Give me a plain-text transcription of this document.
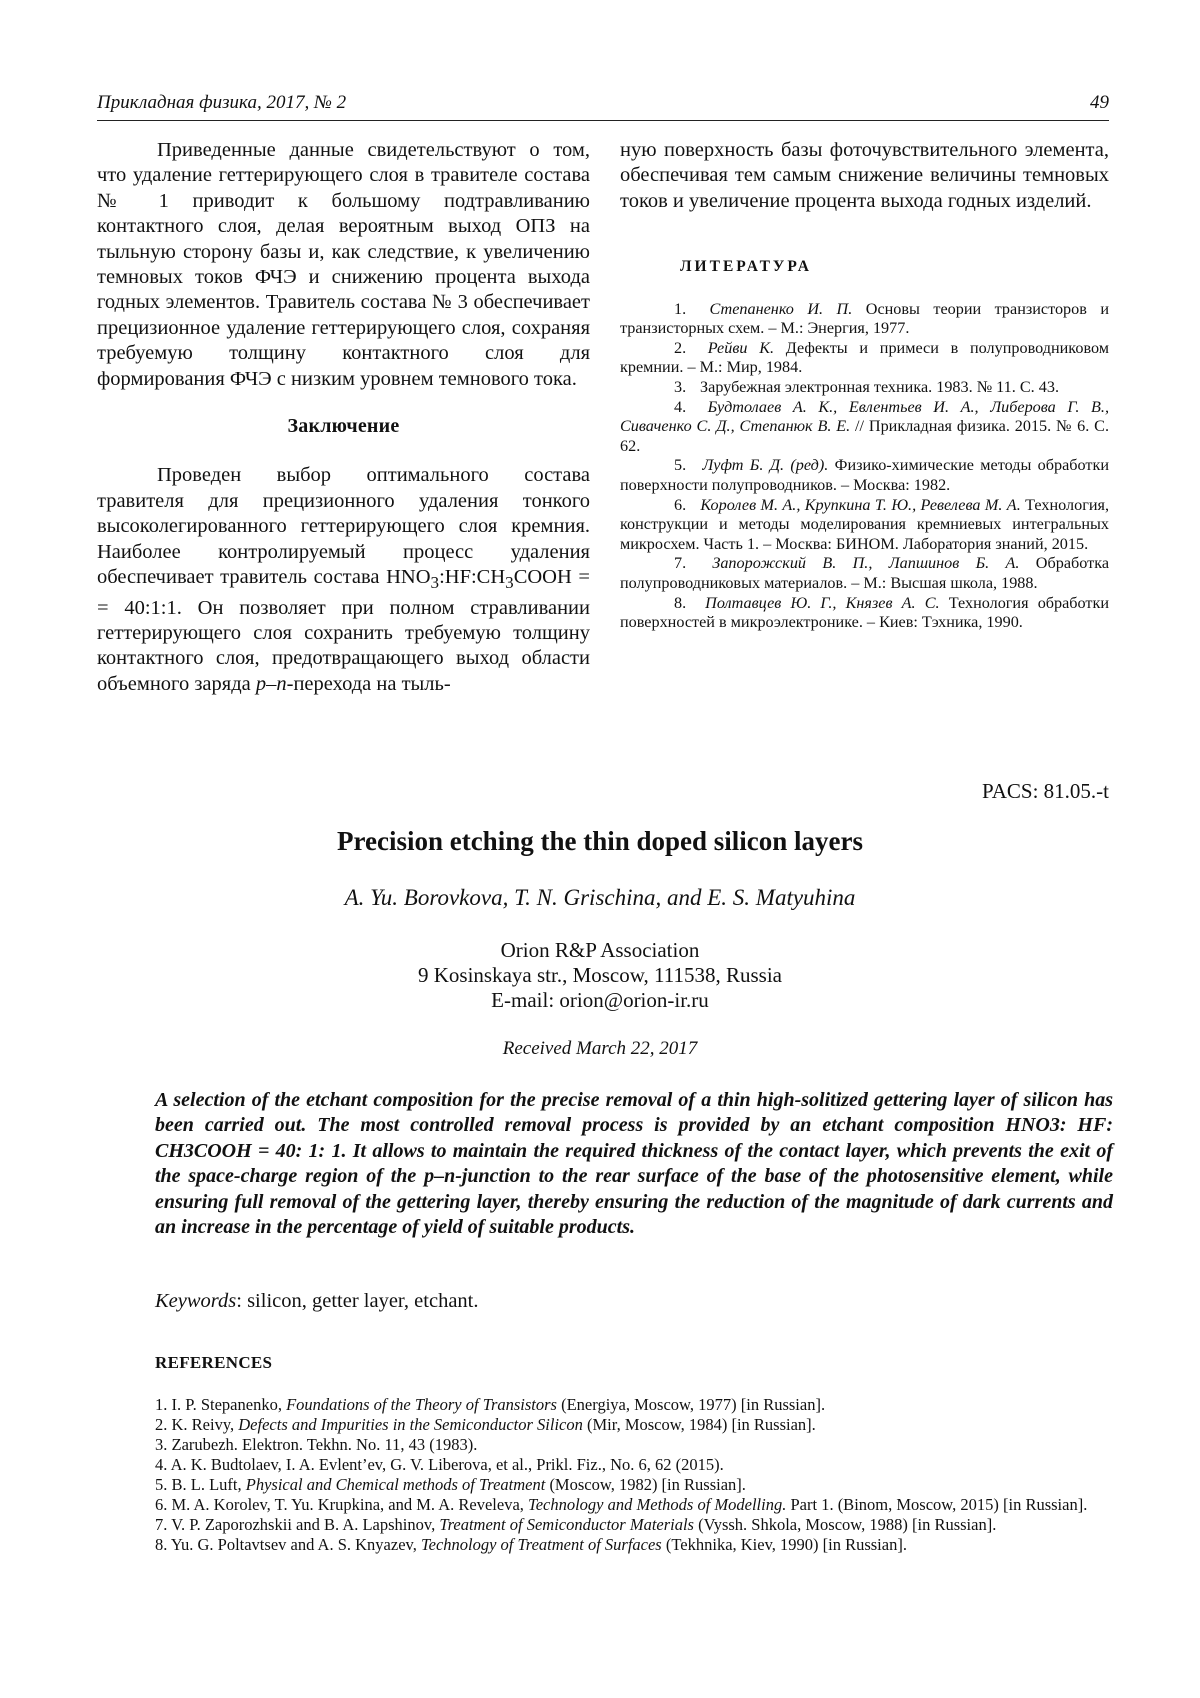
Прикладная физика, 2017, № 2	49

Приведенные данные свидетельствуют о том, что удаление геттерирующего слоя в травителе состава № 1 приводит к большому подтравливанию контактного слоя, делая вероятным выход ОПЗ на тыльную сторону базы и, как следствие, к увеличению темновых токов ФЧЭ и снижению процента выхода годных элементов. Травитель состава № 3 обеспечивает прецизионное удаление геттерирующего слоя, сохраняя требуемую толщину контактного слоя для формирования ФЧЭ с низким уровнем темнового тока.

Заключение

Проведен выбор оптимального состава травителя для прецизионного удаления тонкого высоколегированного геттерирующего слоя кремния. Наиболее контролируемый процесс удаления обеспечивает травитель состава HNO3:HF:CH3COOH = = 40:1:1. Он позволяет при полном стравливании геттерирующего слоя сохранить требуемую толщину контактного слоя, предотвращающего выход области объемного заряда p–n-перехода на тыль-

ную поверхность базы фоточувствительного элемента, обеспечивая тем самым снижение величины темновых токов и увеличение процента выхода годных изделий.

ЛИТЕРАТУРА
1. Степаненко И. П. Основы теории транзисторов и транзисторных схем. – М.: Энергия, 1977.
2. Рейви К. Дефекты и примеси в полупроводниковом кремнии. – М.: Мир, 1984.
3. Зарубежная электронная техника. 1983. № 11. С. 43.
4. Будтолаев А. К., Евлентьев И. А., Либерова Г. В., Сиваченко С. Д., Степанюк В. Е. // Прикладная физика. 2015. № 6. С. 62.
5. Луфт Б. Д. (ред). Физико-химические методы обработки поверхности полупроводников. – Москва: 1982.
6. Королев М. А., Крупкина Т. Ю., Ревелева М. А. Технология, конструкции и методы моделирования кремниевых интегральных микросхем. Часть 1. – Москва: БИНОМ. Лаборатория знаний, 2015.
7. Запорожский В. П., Лапшинов Б. А. Обработка полупроводниковых материалов. – М.: Высшая школа, 1988.
8. Полтавцев Ю. Г., Князев А. С. Технология обработки поверхностей в микроэлектронике. – Киев: Тэхника, 1990.
PACS: 81.05.-t
Precision etching the thin doped silicon layers
A. Yu. Borovkova, T. N. Grischina, and E. S. Matyuhina
Orion R&P Association
9 Kosinskaya str., Moscow, 111538, Russia
E-mail: orion@orion-ir.ru
Received March 22, 2017
A selection of the etchant composition for the precise removal of a thin high-solitized gettering layer of silicon has been carried out. The most controlled removal process is provided by an etchant composition HNO3: HF: CH3COOH = 40: 1: 1. It allows to maintain the required thickness of the contact layer, which prevents the exit of the space-charge region of the p–n-junction to the rear surface of the base of the photosensitive element, while ensuring full removal of the gettering layer, thereby ensuring the reduction of the magnitude of dark currents and an increase in the percentage of yield of suitable products.
Keywords: silicon, getter layer, etchant.
REFERENCES
1. I. P. Stepanenko, Foundations of the Theory of Transistors (Energiya, Moscow, 1977) [in Russian].
2. K. Reivy, Defects and Impurities in the Semiconductor Silicon (Mir, Moscow, 1984) [in Russian].
3. Zarubezh. Elektron. Tekhn. No. 11, 43 (1983).
4. A. K. Budtolaev, I. A. Evlent’ev, G. V. Liberova, et al., Prikl. Fiz., No. 6, 62 (2015).
5. B. L. Luft, Physical and Chemical methods of Treatment (Moscow, 1982) [in Russian].
6. M. A. Korolev, T. Yu. Krupkina, and M. A. Reveleva, Technology and Methods of Modelling. Part 1. (Binom, Moscow, 2015) [in Russian].
7. V. P. Zaporozhskii and B. A. Lapshinov, Treatment of Semiconductor Materials (Vyssh. Shkola, Moscow, 1988) [in Russian].
8. Yu. G. Poltavtsev and A. S. Knyazev, Technology of Treatment of Surfaces (Tekhnika, Kiev, 1990) [in Russian].
